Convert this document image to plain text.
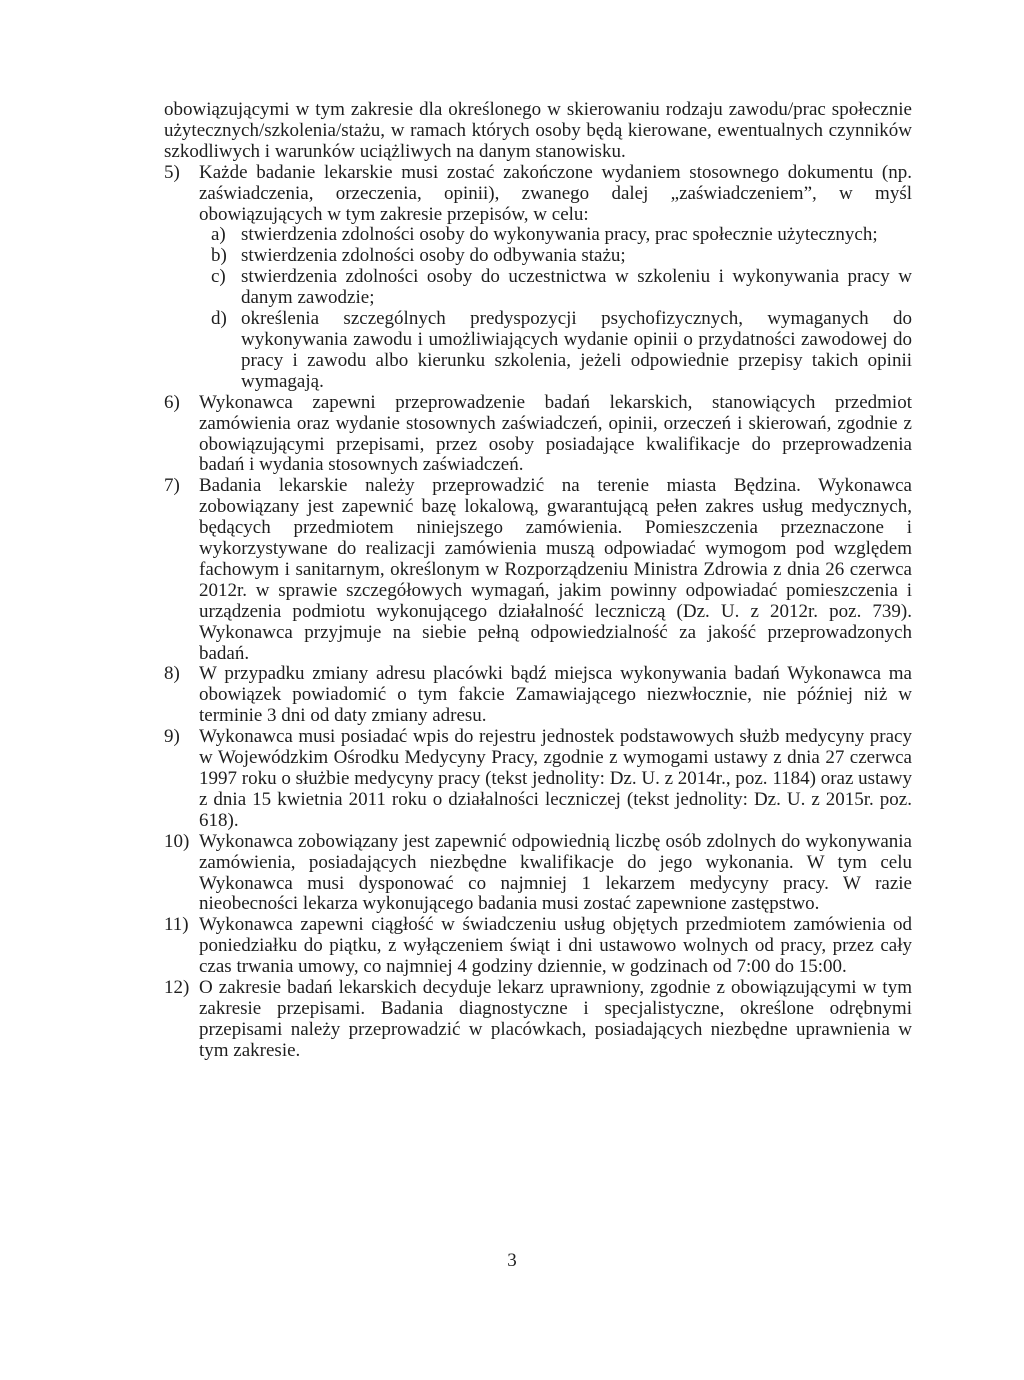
obowiązującymi w tym zakresie dla określonego w skierowaniu rodzaju zawodu/prac społecznie użytecznych/szkolenia/stażu, w ramach których osoby będą kierowane, ewentualnych czynników szkodliwych i warunków uciążliwych na danym stanowisku.

5)	Każde badanie lekarskie musi zostać zakończone wydaniem stosownego dokumentu (np. zaświadczenia, orzeczenia, opinii), zwanego dalej „zaświadczeniem”, w myśl obowiązujących w tym zakresie przepisów, w celu:
a) stwierdzenia zdolności osoby do wykonywania pracy, prac społecznie użytecznych;
b) stwierdzenia zdolności osoby do odbywania stażu;
c) stwierdzenia zdolności osoby do uczestnictwa w szkoleniu i wykonywania pracy w danym zawodzie;
d) określenia szczególnych predyspozycji psychofizycznych, wymaganych do wykonywania zawodu i umożliwiających wydanie opinii o przydatności zawodowej do pracy i zawodu albo kierunku szkolenia, jeżeli odpowiednie przepisy takich opinii wymagają.
6)	Wykonawca zapewni przeprowadzenie badań lekarskich, stanowiących przedmiot zamówienia oraz wydanie stosownych zaświadczeń, opinii, orzeczeń i skierowań, zgodnie z obowiązującymi przepisami, przez osoby posiadające kwalifikacje do przeprowadzenia badań i wydania stosownych zaświadczeń.
7)	Badania lekarskie należy przeprowadzić na terenie miasta Będzina. Wykonawca zobowiązany jest zapewnić bazę lokalową, gwarantującą pełen zakres usług medycznych, będących przedmiotem niniejszego zamówienia. Pomieszczenia przeznaczone i wykorzystywane do realizacji zamówienia muszą odpowiadać wymogom pod względem fachowym i sanitarnym, określonym w Rozporządzeniu Ministra Zdrowia z dnia 26 czerwca 2012r. w sprawie szczegółowych wymagań, jakim powinny odpowiadać pomieszczenia i urządzenia podmiotu wykonującego działalność leczniczą (Dz. U. z 2012r. poz. 739). Wykonawca przyjmuje na siebie pełną odpowiedzialność za jakość przeprowadzonych badań.
8)	W przypadku zmiany adresu placówki bądź miejsca wykonywania badań Wykonawca ma obowiązek powiadomić o tym fakcie Zamawiającego niezwłocznie, nie później niż w terminie 3 dni od daty zmiany adresu.
9)	Wykonawca musi posiadać wpis do rejestru jednostek podstawowych służb medycyny pracy w Wojewódzkim Ośrodku Medycyny Pracy, zgodnie z wymogami ustawy z dnia 27 czerwca 1997 roku o służbie medycyny pracy (tekst jednolity: Dz. U. z 2014r., poz. 1184) oraz ustawy z dnia 15 kwietnia 2011 roku o działalności leczniczej (tekst jednolity: Dz. U. z 2015r. poz. 618).
10) Wykonawca zobowiązany jest zapewnić odpowiednią liczbę osób zdolnych do wykonywania zamówienia, posiadających niezbędne kwalifikacje do jego wykonania. W tym celu Wykonawca musi dysponować co najmniej 1 lekarzem medycyny pracy. W razie nieobecności lekarza wykonującego badania musi zostać zapewnione zastępstwo.
11) Wykonawca zapewni ciągłość w świadczeniu usług objętych przedmiotem zamówienia od poniedziałku do piątku, z wyłączeniem świąt i dni ustawowo wolnych od pracy, przez cały czas trwania umowy, co najmniej 4 godziny dziennie, w godzinach od 7:00 do 15:00.
12) O zakresie badań lekarskich decyduje lekarz uprawniony, zgodnie z obowiązującymi w tym zakresie przepisami. Badania diagnostyczne i specjalistyczne, określone odrębnymi przepisami należy przeprowadzić w placówkach, posiadających niezbędne uprawnienia w tym zakresie.
3
